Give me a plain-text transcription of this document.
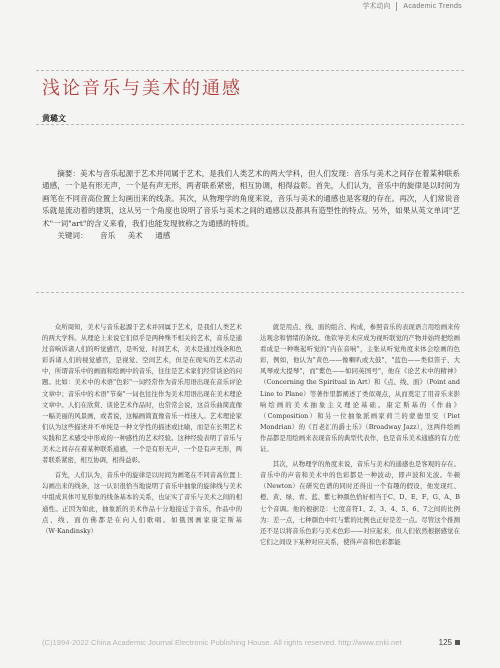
学术动向 Academic Trends
浅论音乐与美术的通感
黄璐文

摘要：美术与音乐起源于艺术并同属于艺术，是我们人类艺术的两大学科，但人们发现：音乐与美术之间存在着某种联系通感，一个是有形无声，一个是有声无形，两者联系紧密，相互协调，相得益彰。首先，人们认为，音乐中的旋律是以时间为画笔在不同音高位置上勾画出来的线条。其次，从物理学的角度来说，音乐与美术的通感也是客观的存在。再次，人们常说音乐就是流动着的建筑，这从另一个角度也说明了音乐与美术之间的通感以及都具有造型性的特点。另外，如果从英文单词"艺术"一词"art"的含义来看，我们也能发现彼称之为通感的特质。

关键词： 音乐 美术 通感

众所周知，美术与音乐起源于艺术并同属于艺术，是我们人类艺术的两大学科。从理论上来说它们似乎是两种殊不相关的艺术，音乐是通过音响诉诸人们的听觉感官，是听觉、时间艺术，美术是通过线条和色彩诉诸人们的视觉感官，是视觉、空间艺术，但是在现实的艺术活动中，所谓音乐中的画面和绘画中的音乐，往往是艺术家们经常谈论的问题。比如：美术中的术语"色彩"一词经常作为音乐用语出现在音乐评论文章中；音乐中的术语"节奏"一词也往往作为美术用语出现在美术理论文章中。人们在欣赏、谈论艺术作品时，也常常会说，这首乐曲简直像一幅美丽的风景画，或者说，这幅画简直像音乐一样迷人。艺术理论家们认为这些描述并不单纯是一种文学性的描述或比喻，而是在长期艺术实践和艺术感受中形成的一种感性的艺术经验。这种经验表明了音乐与美术之间存在着某种联系通感，一个是有形无声，一个是有声无形，两者联系紧密，相互协调，相得益彰。

首先，人们认为，音乐中的旋律是以时间为画笔在不同音高位置上勾画出来的线条，这一认识很恰当地说明了音乐中抽象的旋律线与美术中组成具体可见形象的线条基本的关系，也证实了音乐与美术之间的相通性。正因为如此，抽象派的美术作品十分地接近于音乐，作品中的点、线、面仿佛都是在向人们歌唱。如俄国画家康定斯基（W·Kandinsky）

就是用点、线、面的组合、构成，参照音乐的表现语言用绘画来传达观念和情绪的条纹。他钦导美术应成为视听联觉的产物并始终把绘画看成是一种唤起听觉的"内在音响"，主张从听觉角度来体会绘画的色彩，例如，他认为"黄色——像喇叭或大鼓"，"蓝色——类似笛子、大风琴或大提琴"，而"紫色——如同英国号"，他在《论艺术中的精神》（Concerning the Spiritual in Art）和《点、线、面》（Point and Line to Plane）等著作里都阐述了类似观点，从而奠定了用音乐来影响绘画的美术抽象主义理论基础。康定斯基的《作曲》（Composition）和另一位抽象派画家荷兰的蒙德里安（Piet Mondrian）的《百老汇的爵士乐》（Broadway Jazz），这两件绘画作品都是用绘画来表现音乐的典型代表作，也是音乐美术通感的有力佐证。

其次，从物理学的角度来说，音乐与美术的通感也是客观的存在。音乐中的声音和美术中的色彩都是一种波动，即声波和光波。牛顿（Newton）在研究色谱的同时还得出一个有趣的假设，他发现红、橙、黄、绿、青、蓝、紫七种颜色恰好相当于C、D、E、F、G、A、B七个音调。他的根据是：七度音符1、2、3、4、5、6、7之间的比例为：差一点，七种颜色中红与紫的比例也正好是差一点。尽管这个推测还不足以将音乐色彩与美术色彩——对应起来，但人们依然根据感觉在它们之间设下某种对应关系，使得声音和色彩都能

(C)1994-2022 China Academic Journal Electronic Publishing House. All rights reserved. http://www.cnki.net	125
